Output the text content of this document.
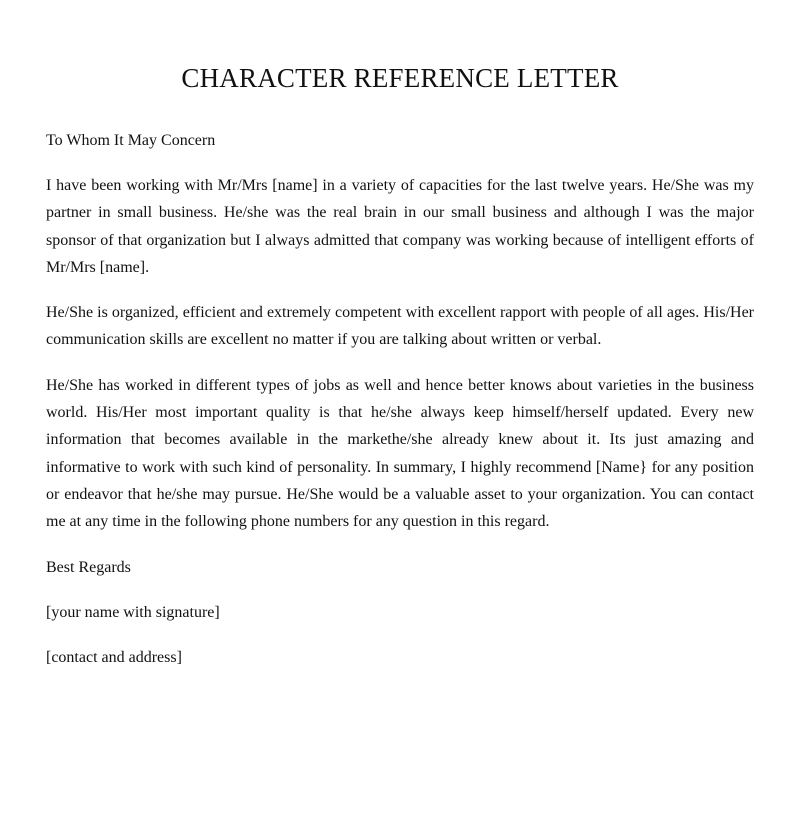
CHARACTER REFERENCE LETTER

To Whom It May Concern

I have been working with Mr/Mrs [name] in a variety of capacities for the last twelve years. He/She was my partner in small business. He/she was the real brain in our small business and although I was the major sponsor of that organization but I always admitted that company was working because of intelligent efforts of Mr/Mrs [name].

He/She is organized, efficient and extremely competent with excellent rapport with people of all ages. His/Her communication skills are excellent no matter if you are talking about written or verbal.

He/She has worked in different types of jobs as well and hence better knows about varieties in the business world. His/Her most important quality is that he/she always keep himself/herself updated. Every new information that becomes available in the markethe/she already knew about it. Its just amazing and informative to work with such kind of personality. In summary, I highly recommend [Name} for any position or endeavor that he/she may pursue. He/She would be a valuable asset to your organization. You can contact me at any time in the following phone numbers for any question in this regard.

Best Regards

[your name with signature]

[contact and address]
